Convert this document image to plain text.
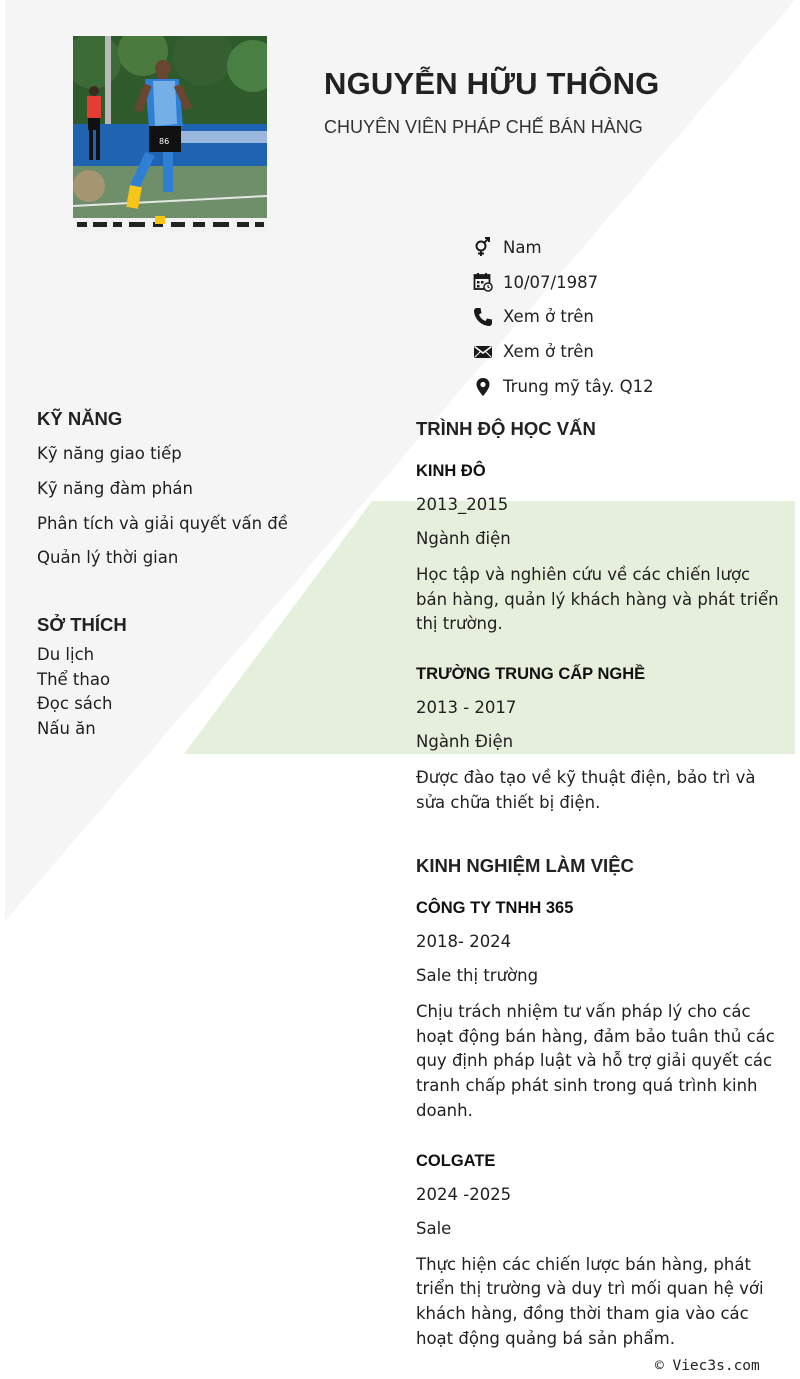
86
NGUYỄN HỮU THÔNG
CHUYÊN VIÊN PHÁP CHẾ BÁN HÀNG
Nam
10/07/1987
Xem ở trên
Xem ở trên
Trung mỹ tây. Q12
KỸ NĂNG
Kỹ năng giao tiếp
Kỹ năng đàm phán
Phân tích và giải quyết vấn đề
Quản lý thời gian
SỞ THÍCH
Du lịch
Thể thao
Đọc sách
Nấu ăn
TRÌNH ĐỘ HỌC VẤN
KINH ĐÔ
2013_2015
Ngành điện
Học tập và nghiên cứu về các chiến lược bán hàng, quản lý khách hàng và phát triển thị trường.
TRƯỜNG TRUNG CẤP NGHỀ
2013 - 2017
Ngành Điện
Được đào tạo về kỹ thuật điện, bảo trì và sửa chữa thiết bị điện.
KINH NGHIỆM LÀM VIỆC
CÔNG TY TNHH 365
2018- 2024
Sale thị trường
Chịu trách nhiệm tư vấn pháp lý cho các hoạt động bán hàng, đảm bảo tuân thủ các quy định pháp luật và hỗ trợ giải quyết các tranh chấp phát sinh trong quá trình kinh doanh.
COLGATE
2024 -2025
Sale
Thực hiện các chiến lược bán hàng, phát triển thị trường và duy trì mối quan hệ với khách hàng, đồng thời tham gia vào các hoạt động quảng bá sản phẩm.
© Viec3s.com
